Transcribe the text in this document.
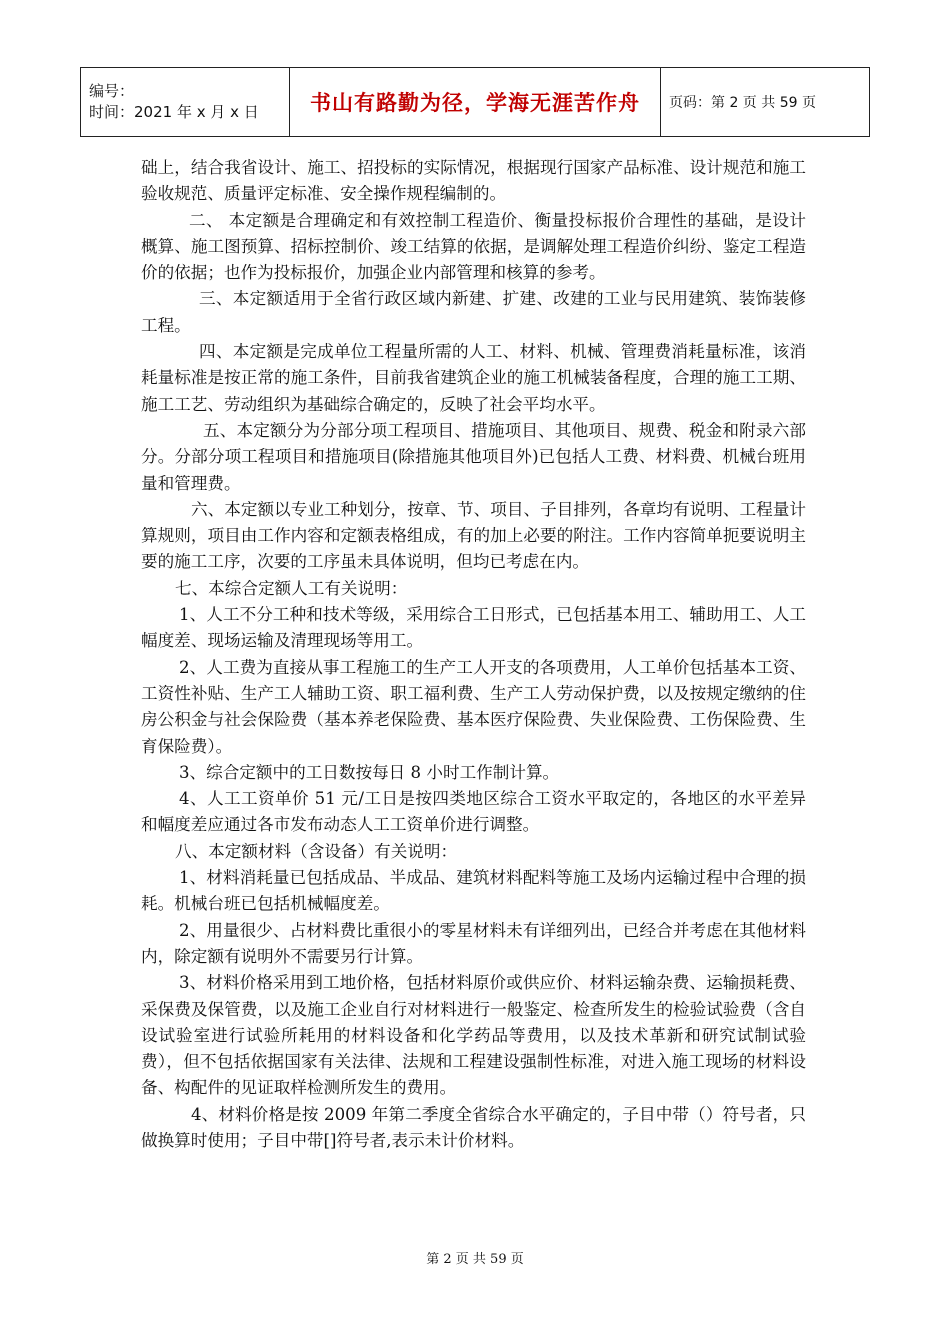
编号：
时间：2021 年 x 月 x 日	书山有路勤为径，学海无涯苦作舟	页码：第 2 页 共 59 页

础上，结合我省设计、施工、招投标的实际情况，根据现行国家产品标准、设计规范和施工验收规范、质量评定标准、安全操作规程编制的。

二、 本定额是合理确定和有效控制工程造价、衡量投标报价合理性的基础，是设计概算、施工图预算、招标控制价、竣工结算的依据，是调解处理工程造价纠纷、鉴定工程造价的依据；也作为投标报价，加强企业内部管理和核算的参考。

三、本定额适用于全省行政区域内新建、扩建、改建的工业与民用建筑、装饰装修工程。

四、本定额是完成单位工程量所需的人工、材料、机械、管理费消耗量标准，该消耗量标准是按正常的施工条件，目前我省建筑企业的施工机械装备程度，合理的施工工期、施工工艺、劳动组织为基础综合确定的，反映了社会平均水平。

五、本定额分为分部分项工程项目、措施项目、其他项目、规费、税金和附录六部分。分部分项工程项目和措施项目(除措施其他项目外)已包括人工费、材料费、机械台班用量和管理费。

六、本定额以专业工种划分，按章、节、项目、子目排列，各章均有说明、工程量计算规则，项目由工作内容和定额表格组成，有的加上必要的附注。工作内容简单扼要说明主要的施工工序，次要的工序虽未具体说明，但均已考虑在内。

七、本综合定额人工有关说明：

1、人工不分工种和技术等级，采用综合工日形式，已包括基本用工、辅助用工、人工幅度差、现场运输及清理现场等用工。

2、人工费为直接从事工程施工的生产工人开支的各项费用，人工单价包括基本工资、工资性补贴、生产工人辅助工资、职工福利费、生产工人劳动保护费，以及按规定缴纳的住房公积金与社会保险费（基本养老保险费、基本医疗保险费、失业保险费、工伤保险费、生育保险费）。

3、综合定额中的工日数按每日 8 小时工作制计算。

4、人工工资单价 51 元/工日是按四类地区综合工资水平取定的，各地区的水平差异和幅度差应通过各市发布动态人工工资单价进行调整。

八、本定额材料（含设备）有关说明：

1、材料消耗量已包括成品、半成品、建筑材料配料等施工及场内运输过程中合理的损耗。机械台班已包括机械幅度差。

2、用量很少、占材料费比重很小的零星材料未有详细列出，已经合并考虑在其他材料内，除定额有说明外不需要另行计算。

3、材料价格采用到工地价格，包括材料原价或供应价、材料运输杂费、运输损耗费、采保费及保管费，以及施工企业自行对材料进行一般鉴定、检查所发生的检验试验费（含自设试验室进行试验所耗用的材料设备和化学药品等费用，以及技术革新和研究试制试验费），但不包括依据国家有关法律、法规和工程建设强制性标准，对进入施工现场的材料设备、构配件的见证取样检测所发生的费用。

4、材料价格是按 2009 年第二季度全省综合水平确定的，子目中带（）符号者，只做换算时使用；子目中带[]符号者,表示未计价材料。

第 2 页 共 59 页
